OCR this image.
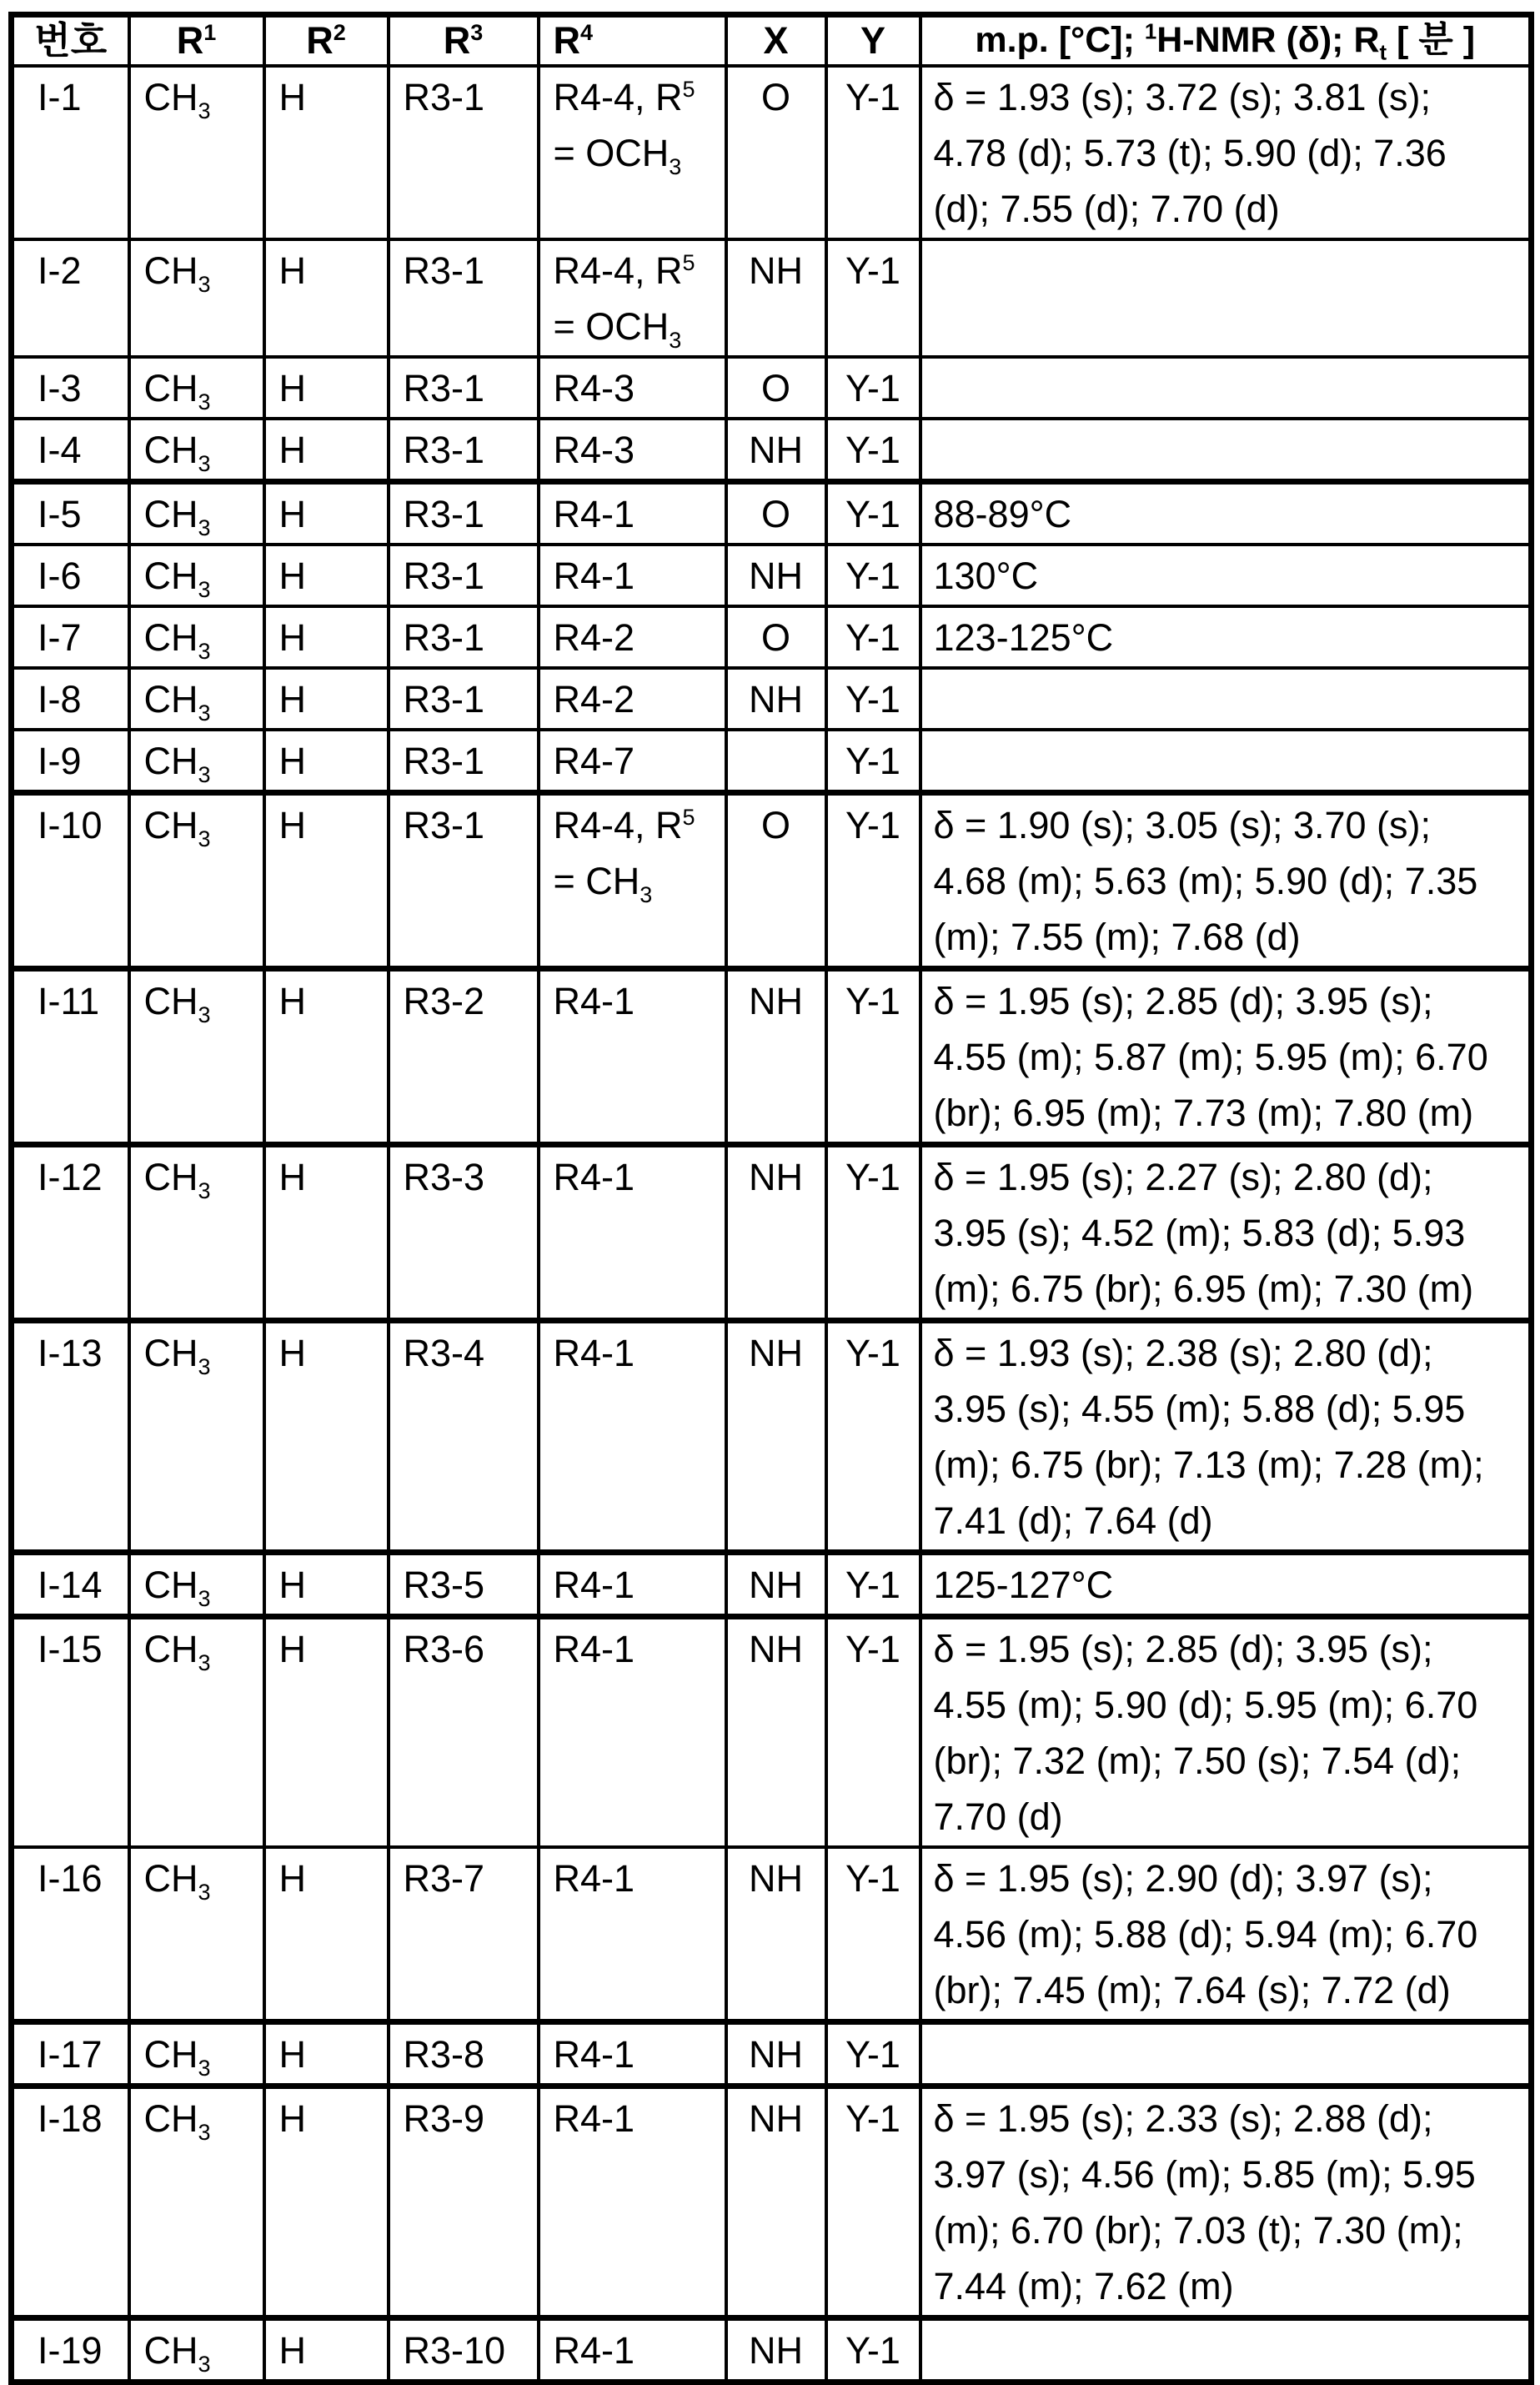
번호	$R^1$	$R^2$	$R^3$	$R^4$	X	Y	m.p. [°C]; $^1$H-NMR (δ); $R_t$ [ 분 ]
I-1	$CH_3$	H	R3-1	R4-4, $R^5$
= $OCH_3$	O	Y-1	δ = 1.93 (s); 3.72 (s); 3.81 (s); 4.78 (d); 5.73 (t); 5.90 (d); 7.36 (d); 7.55 (d); 7.70 (d)
I-2	$CH_3$	H	R3-1	R4-4, $R^5$
= $OCH_3$	NH	Y-1	
I-3	$CH_3$	H	R3-1	R4-3	O	Y-1	
I-4	$CH_3$	H	R3-1	R4-3	NH	Y-1	
I-5	$CH_3$	H	R3-1	R4-1	O	Y-1	88-89°C
I-6	$CH_3$	H	R3-1	R4-1	NH	Y-1	130°C
I-7	$CH_3$	H	R3-1	R4-2	O	Y-1	123-125°C
I-8	$CH_3$	H	R3-1	R4-2	NH	Y-1	
I-9	$CH_3$	H	R3-1	R4-7		Y-1	
I-10	$CH_3$	H	R3-1	R4-4, $R^5$
= $CH_3$	O	Y-1	δ = 1.90 (s); 3.05 (s); 3.70 (s); 4.68 (m); 5.63 (m); 5.90 (d); 7.35 (m); 7.55 (m); 7.68 (d)
I-11	$CH_3$	H	R3-2	R4-1	NH	Y-1	δ = 1.95 (s); 2.85 (d); 3.95 (s); 4.55 (m); 5.87 (m); 5.95 (m); 6.70 (br); 6.95 (m); 7.73 (m); 7.80 (m)
I-12	$CH_3$	H	R3-3	R4-1	NH	Y-1	δ = 1.95 (s); 2.27 (s); 2.80 (d); 3.95 (s); 4.52 (m); 5.83 (d); 5.93 (m); 6.75 (br); 6.95 (m); 7.30 (m)
I-13	$CH_3$	H	R3-4	R4-1	NH	Y-1	δ = 1.93 (s); 2.38 (s); 2.80 (d); 3.95 (s); 4.55 (m); 5.88 (d); 5.95 (m); 6.75 (br); 7.13 (m); 7.28 (m); 7.41 (d); 7.64 (d)
I-14	$CH_3$	H	R3-5	R4-1	NH	Y-1	125-127°C
I-15	$CH_3$	H	R3-6	R4-1	NH	Y-1	δ = 1.95 (s); 2.85 (d); 3.95 (s); 4.55 (m); 5.90 (d); 5.95 (m); 6.70 (br); 7.32 (m); 7.50 (s); 7.54 (d); 7.70 (d)
I-16	$CH_3$	H	R3-7	R4-1	NH	Y-1	δ = 1.95 (s); 2.90 (d); 3.97 (s); 4.56 (m); 5.88 (d); 5.94 (m); 6.70 (br); 7.45 (m); 7.64 (s); 7.72 (d)
I-17	$CH_3$	H	R3-8	R4-1	NH	Y-1	
I-18	$CH_3$	H	R3-9	R4-1	NH	Y-1	δ = 1.95 (s); 2.33 (s); 2.88 (d); 3.97 (s); 4.56 (m); 5.85 (m); 5.95 (m); 6.70 (br); 7.03 (t); 7.30 (m); 7.44 (m); 7.62 (m)
I-19	$CH_3$	H	R3-10	R4-1	NH	Y-1	
